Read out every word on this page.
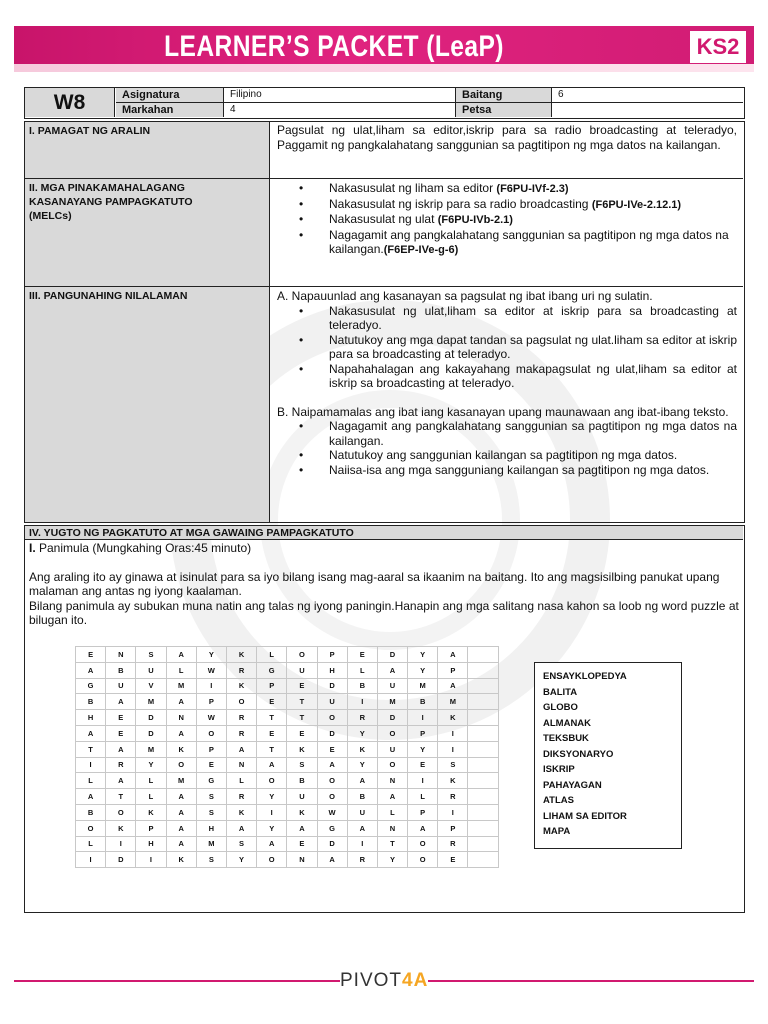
LEARNER’S PACKET (LeaP)	KS2
W8	Asignatura	Filipino	Baitang	6
Markahan	4	Petsa
I. PAMAGAT NG ARALIN	Pagsulat ng ulat,liham sa editor,iskrip para sa radio broadcasting at teleradyo, Paggamit ng pangkalahatang sanggunian sa pagtitipon ng mga datos na kailangan.
II. MGA PINAKAMAHALAGANG KASANAYANG PAMPAGKATUTO (MELCs)
• Nakasusulat ng liham sa editor (F6PU-IVf-2.3)
• Nakasusulat ng iskrip para sa radio broadcasting (F6PU-IVe-2.12.1)
• Nakasusulat ng ulat (F6PU-IVb-2.1)
• Nagagamit ang pangkalahatang sanggunian sa pagtitipon ng mga datos na kailangan.(F6EP-IVe-g-6)
III. PANGUNAHING NILALAMAN	A. Napauunlad ang kasanayan sa pagsulat ng ibat ibang uri ng sulatin.
• Nakasusulat ng ulat,liham sa editor at iskrip para sa broadcasting at teleradyo.
• Natutukoy ang mga dapat tandan sa pagsulat ng ulat.liham sa editor at iskrip para sa broadcasting at teleradyo.
• Napahahalagan ang kakayahang makapagsulat ng ulat,liham sa editor at iskrip sa broadcasting at teleradyo.
B. Naipamamalas ang ibat iang kasanayan upang maunawaan ang ibat-ibang teksto.
• Nagagamit ang pangkalahatang sanggunian sa pagtitipon ng mga datos na kailangan.
• Natutukoy ang sanggunian kailangan sa pagtitipon ng mga datos.
• Naiisa-isa ang mga sangguniang kailangan sa pagtitipon ng mga datos.
IV. YUGTO NG PAGKATUTO AT MGA GAWAING PAMPAGKATUTO
I. Panimula (Mungkahing Oras:45 minuto)
Ang araling ito ay ginawa at isinulat para sa iyo bilang isang mag-aaral sa ikaanim na baitang. Ito ang magsisilbing panukat upang malaman ang antas ng iyong kaalaman.
Bilang panimula ay subukan muna natin ang talas ng iyong paningin.Hanapin ang mga salitang nasa kahon sa loob ng word puzzle at bilugan ito.
E	N	S	A	Y	K	L	O	P	E	D	Y	A	
A	B	U	L	W	R	G	U	H	L	A	Y	P	
G	U	V	M	I	K	P	E	D	B	U	M	A	
B	A	M	A	P	O	E	T	U	I	M	B	M	
H	E	D	N	W	R	T	T	O	R	D	I	K	
A	E	D	A	O	R	E	E	D	Y	O	P	I	
T	A	M	K	P	A	T	K	E	K	U	Y	I	
I	R	Y	O	E	N	A	S	A	Y	O	E	S	
L	A	L	M	G	L	O	B	O	A	N	I	K	
A	T	L	A	S	R	Y	U	O	B	A	L	R	
B	O	K	A	S	K	I	K	W	U	L	P	I	
O	K	P	A	H	A	Y	A	G	A	N	A	P	
L	I	H	A	M	S	A	E	D	I	T	O	R	
I	D	I	K	S	Y	O	N	A	R	Y	O	E	
ENSAYKLOPEDYA
BALITA
GLOBO
ALMANAK
TEKSBUK
DIKSYONARYO
ISKRIP
PAHAYAGAN
ATLAS
LIHAM SA EDITOR
MAPA
PIVOT4A
